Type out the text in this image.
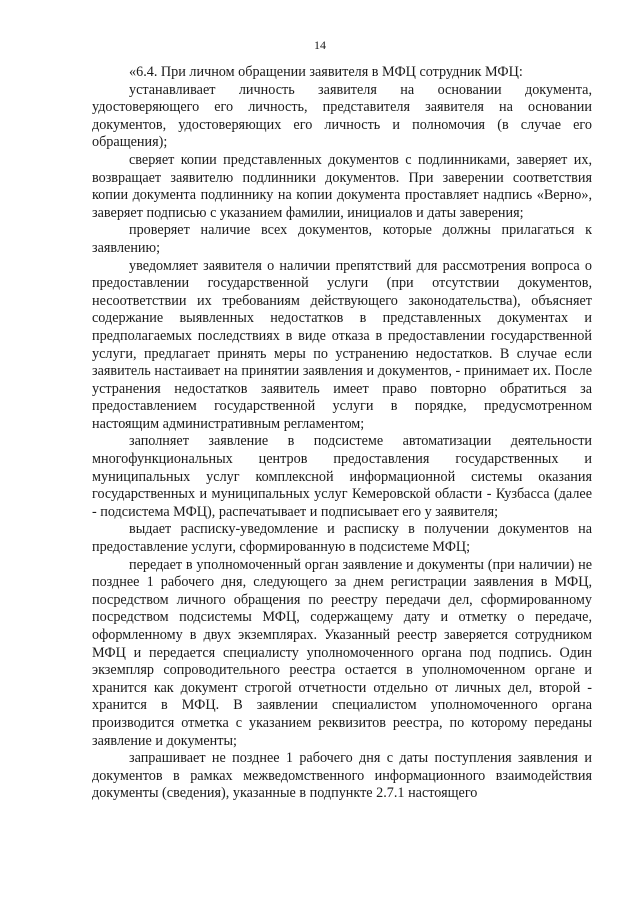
14

«6.4. При личном обращении заявителя в МФЦ сотрудник МФЦ:

устанавливает личность заявителя на основании документа, удостоверяющего его личность, представителя заявителя на основании документов, удостоверяющих его личность и полномочия (в случае его обращения);

сверяет копии представленных документов с подлинниками, заверяет их, возвращает заявителю подлинники документов. При заверении соответствия копии документа подлиннику на копии документа проставляет надпись «Верно», заверяет подписью с указанием фамилии, инициалов и даты заверения;

проверяет наличие всех документов, которые должны прилагаться к заявлению;

уведомляет заявителя о наличии препятствий для рассмотрения вопроса о предоставлении государственной услуги (при отсутствии документов, несоответствии их требованиям действующего законодательства), объясняет содержание выявленных недостатков в представленных документах и предполагаемых последствиях в виде отказа в предоставлении государственной услуги, предлагает принять меры по устранению недостатков. В случае если заявитель настаивает на принятии заявления и документов, - принимает их. После устранения недостатков заявитель имеет право повторно обратиться за предоставлением государственной услуги в порядке, предусмотренном настоящим административным регламентом;

заполняет заявление в подсистеме автоматизации деятельности многофункциональных центров предоставления государственных и муниципальных услуг комплексной информационной системы оказания государственных и муниципальных услуг Кемеровской области - Кузбасса (далее - подсистема МФЦ), распечатывает и подписывает его у заявителя;

выдает расписку-уведомление и расписку в получении документов на предоставление услуги, сформированную в подсистеме МФЦ;

передает в уполномоченный орган заявление и документы (при наличии) не позднее 1 рабочего дня, следующего за днем регистрации заявления в МФЦ, посредством личного обращения по реестру передачи дел, сформированному посредством подсистемы МФЦ, содержащему дату и отметку о передаче, оформленному в двух экземплярах. Указанный реестр заверяется сотрудником МФЦ и передается специалисту уполномоченного органа под подпись. Один экземпляр сопроводительного реестра остается в уполномоченном органе и хранится как документ строгой отчетности отдельно от личных дел, второй - хранится в МФЦ. В заявлении специалистом уполномоченного органа производится отметка с указанием реквизитов реестра, по которому переданы заявление и документы;

запрашивает не позднее 1 рабочего дня с даты поступления заявления и документов в рамках межведомственного информационного взаимодействия документы (сведения), указанные в подпункте 2.7.1 настоящего
